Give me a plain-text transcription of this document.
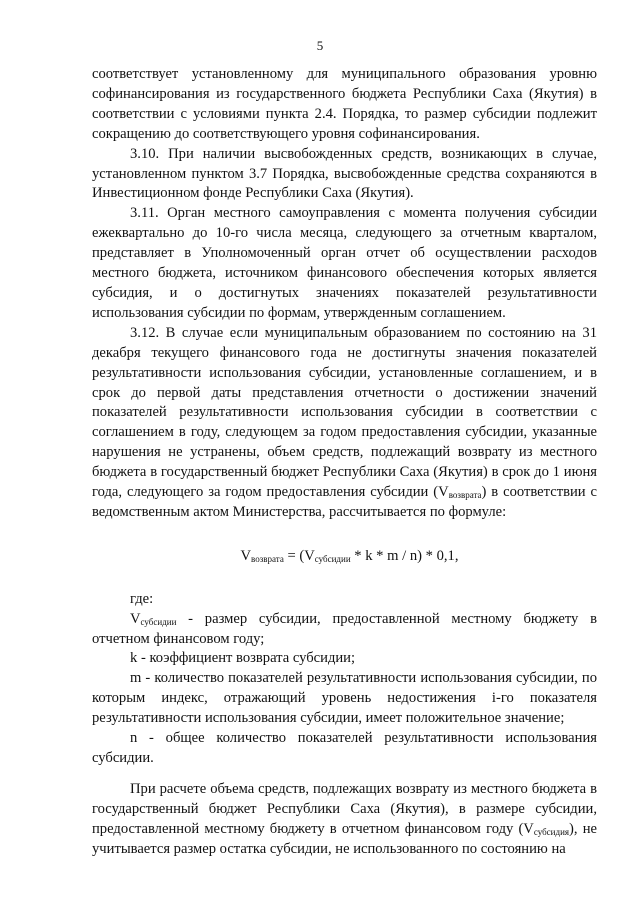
5

соответствует установленному для муниципального образования уровню софинансирования из государственного бюджета Республики Саха (Якутия) в соответствии с условиями пункта 2.4. Порядка, то размер субсидии подлежит сокращению до соответствующего уровня софинансирования.

3.10. При наличии высвобожденных средств, возникающих в случае, установленном пунктом 3.7 Порядка, высвобожденные средства сохраняются в Инвестиционном фонде Республики Саха (Якутия).

3.11. Орган местного самоуправления с момента получения субсидии ежеквартально до 10-го числа месяца, следующего за отчетным кварталом, представляет в Уполномоченный орган отчет об осуществлении расходов местного бюджета, источником финансового обеспечения которых является субсидия, и о достигнутых значениях показателей результативности использования субсидии по формам, утвержденным соглашением.

3.12. В случае если муниципальным образованием по состоянию на 31 декабря текущего финансового года не достигнуты значения показателей результативности использования субсидии, установленные соглашением, и в срок до первой даты представления отчетности о достижении значений показателей результативности использования субсидии в соответствии с соглашением в году, следующем за годом предоставления субсидии, указанные нарушения не устранены, объем средств, подлежащий возврату из местного бюджета в государственный бюджет Республики Саха (Якутия) в срок до 1 июня года, следующего за годом предоставления субсидии $(V_{возврата})$ в соответствии с ведомственным актом Министерства, рассчитывается по формуле:

$V_{возврата} = (V_{субсидии} * k * m / n) * 0,1$,

где:

$V_{субсидии}$ - размер субсидии, предоставленной местному бюджету в отчетном финансовом году;

k - коэффициент возврата субсидии;

m - количество показателей результативности использования субсидии, по которым индекс, отражающий уровень недостижения i-го показателя результативности использования субсидии, имеет положительное значение;

n - общее количество показателей результативности использования субсидии.

При расчете объема средств, подлежащих возврату из местного бюджета в государственный бюджет Республики Саха (Якутия), в размере субсидии, предоставленной местному бюджету в отчетном финансовом году $(V_{субсидия})$, не учитывается размер остатка субсидии, не использованного по состоянию на
